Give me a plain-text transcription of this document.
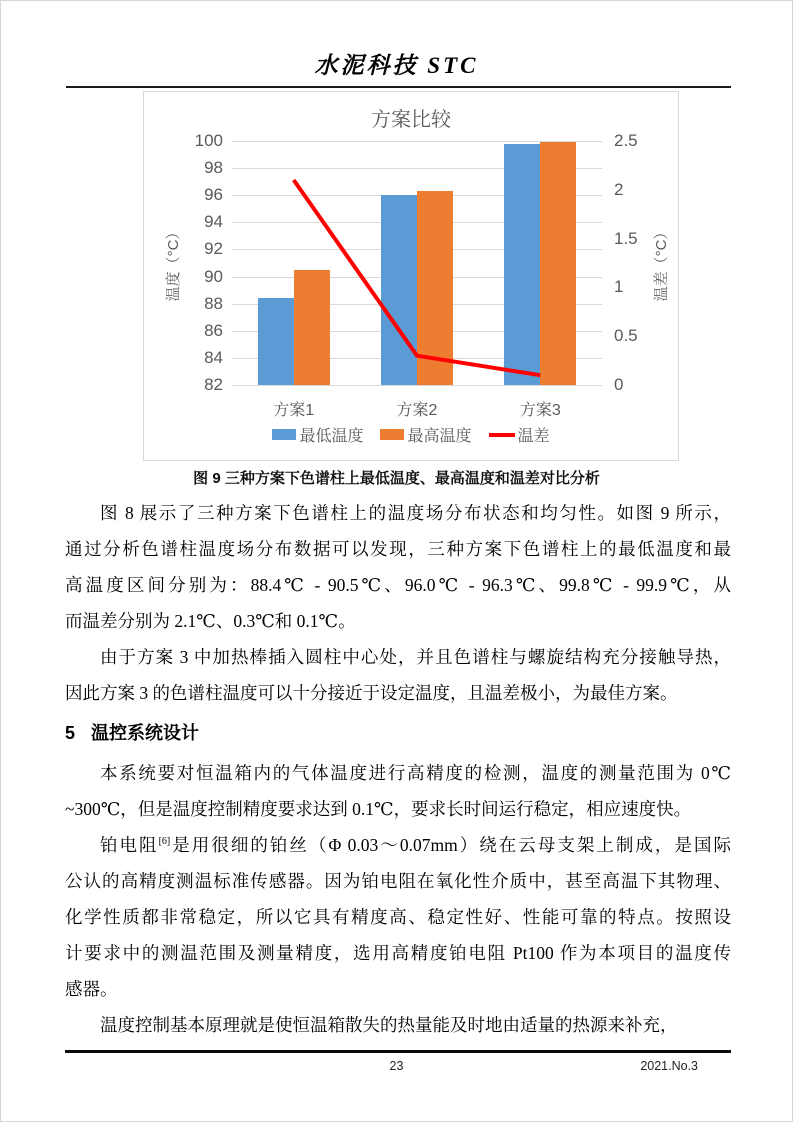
水泥科技 STC
方案比较
温度（°C）	温差（°C）
82
84
86
88
90
92
94
96
98
100
0
0.5
1
1.5
2
2.5
方案1	方案2	方案3
最低温度	最高温度	温差
图 9 三种方案下色谱柱上最低温度、最高温度和温差对比分析
图 8 展示了三种方案下色谱柱上的温度场分布状态和均匀性。如图 9 所示，
通过分析色谱柱温度场分布数据可以发现，三种方案下色谱柱上的最低温度和最
高温度区间分别为：88.4℃ - 90.5℃、96.0℃ - 96.3℃、99.8℃ - 99.9℃，从
而温差分别为 2.1℃、0.3℃和 0.1℃。
由于方案 3 中加热棒插入圆柱中心处，并且色谱柱与螺旋结构充分接触导热，
因此方案 3 的色谱柱温度可以十分接近于设定温度，且温差极小，为最佳方案。
5 温控系统设计
本系统要对恒温箱内的气体温度进行高精度的检测，温度的测量范围为 0℃
~300℃，但是温度控制精度要求达到 0.1℃，要求长时间运行稳定，相应速度快。
铂电阻[6]是用很细的铂丝（Φ 0.03～0.07mm）绕在云母支架上制成，是国际
公认的高精度测温标准传感器。因为铂电阻在氧化性介质中，甚至高温下其物理、
化学性质都非常稳定，所以它具有精度高、稳定性好、性能可靠的特点。按照设
计要求中的测温范围及测量精度，选用高精度铂电阻 Pt100 作为本项目的温度传
感器。
温度控制基本原理就是使恒温箱散失的热量能及时地由适量的热源来补充，
23	2021.No.3
